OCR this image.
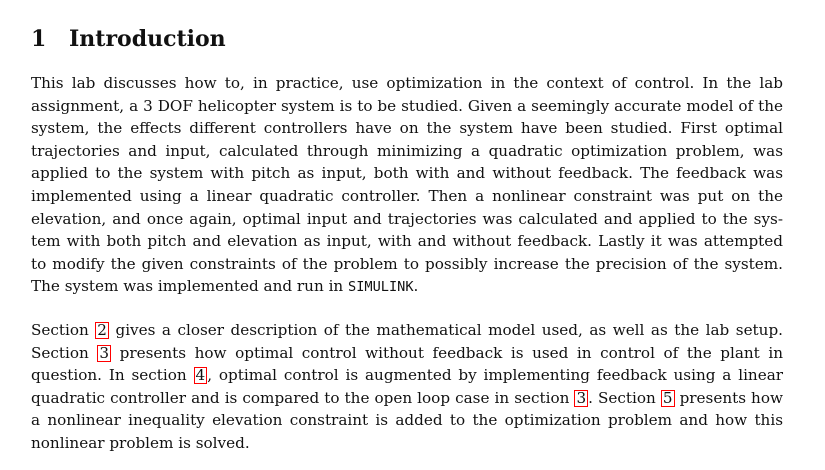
1 Introduction

This lab discusses how to, in practice, use optimization in the context of control. In the lab assignment, a 3 DOF helicopter system is to be studied. Given a seemingly accurate model of the system, the effects different controllers have on the system have been studied. First optimal trajectories and input, calculated through minimizing a quadratic optimization problem, was applied to the system with pitch as input, both with and without feedback. The feedback was implemented using a linear quadratic controller. Then a nonlinear constraint was put on the elevation, and once again, optimal input and trajectories was calculated and applied to the system with both pitch and elevation as input, with and without feedback. Lastly it was attempted to modify the given constraints of the problem to possibly increase the precision of the system. The system was implemented and run in SIMULINK.

Section 2 gives a closer description of the mathematical model used, as well as the lab setup. Section 3 presents how optimal control without feedback is used in control of the plant in question. In section 4 , optimal control is augmented by implementing feedback using a linear quadratic controller and is compared to the open loop case in section 3 . Section 5 presents how a nonlinear inequality elevation constraint is added to the optimization problem and how this nonlinear problem is solved.
